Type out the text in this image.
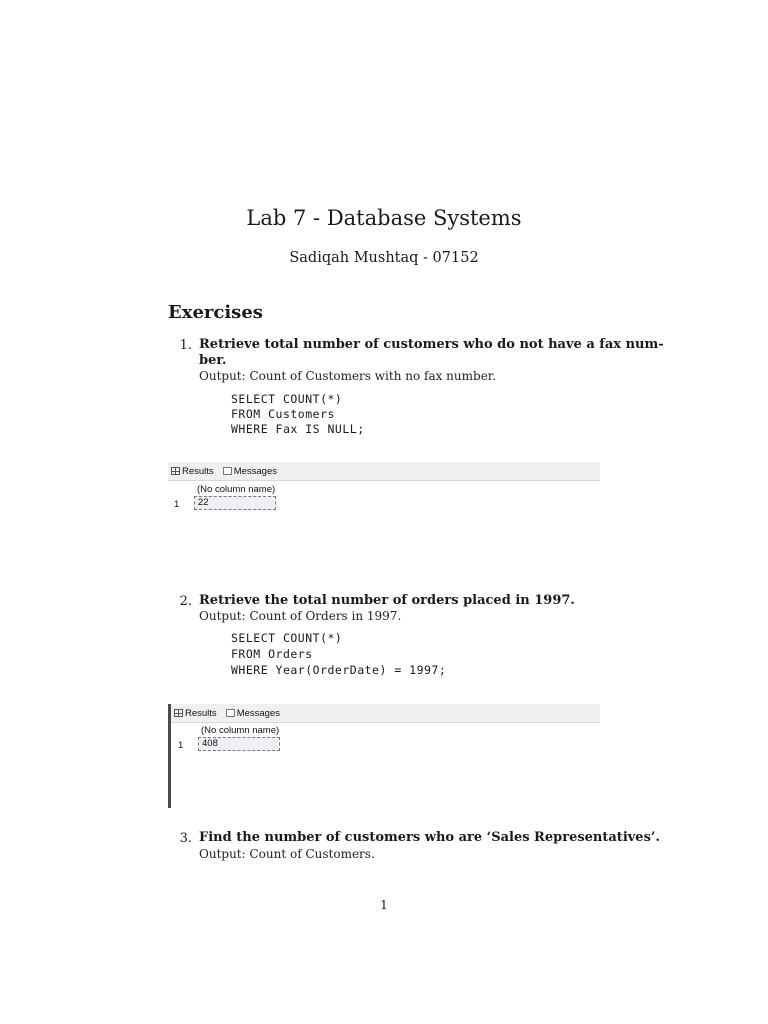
Lab 7 - Database Systems
Sadiqah Mushtaq - 07152
Exercises
1. Retrieve total number of customers who do not have a fax num-
ber.
Output: Count of Customers with no fax number.
SELECT COUNT(*)
FROM Customers
WHERE Fax IS NULL;
Results Messages
(No column name)
1	22
2. Retrieve the total number of orders placed in 1997.
Output: Count of Orders in 1997.
SELECT COUNT(*)
FROM Orders
WHERE Year(OrderDate) = 1997;
Results Messages
(No column name)
1	408
3. Find the number of customers who are ‘Sales Representatives’.
Output: Count of Customers.
1
